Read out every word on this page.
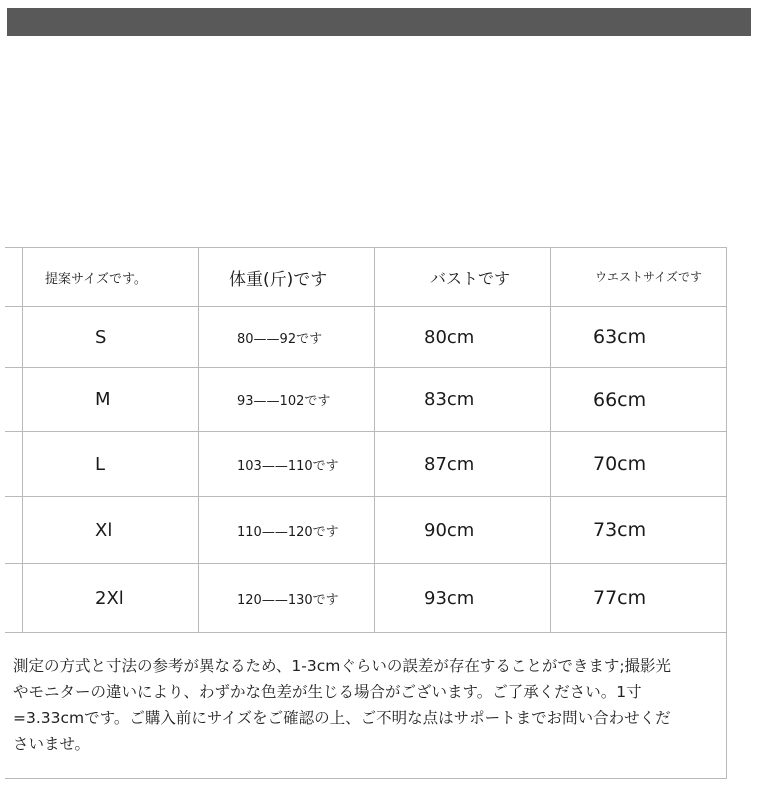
	提案サイズです。	体重(斤)です	バストです	ウエストサイズです

	S	80——92です	80cm	63cm

	M	93——102です	83cm	66cm

	L	103——110です	87cm	70cm

	Xl	110——120です	90cm	73cm

	2Xl	120——130です	93cm	77cm
測定の方式と寸法の参考が異なるため、1-3cmぐらいの誤差が存在することができます;撮影光やモニターの違いにより、わずかな色差が生じる場合がございます。ご了承ください。1寸=3.33cmです。ご購入前にサイズをご確認の上、ご不明な点はサポートまでお問い合わせくださいませ。
